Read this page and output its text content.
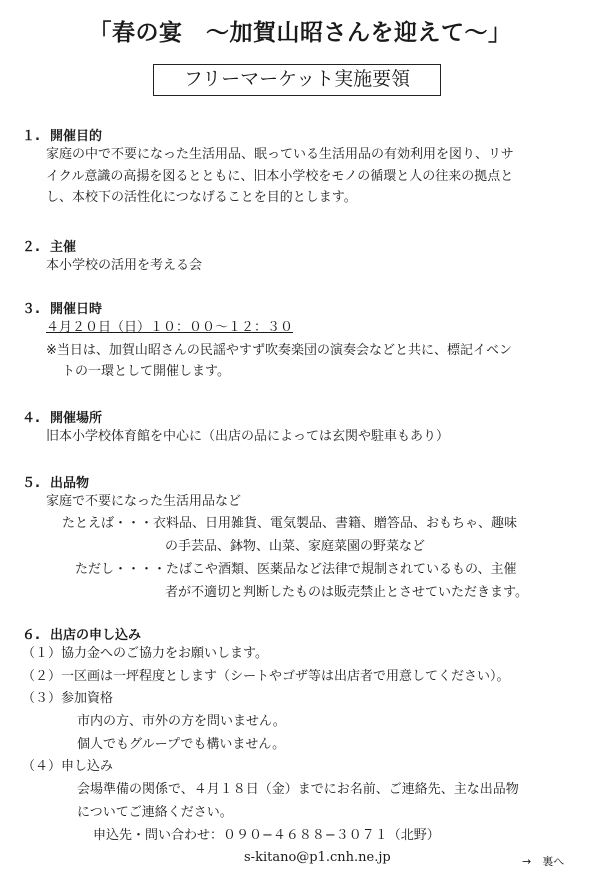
「春の宴　〜加賀山昭さんを迎えて〜」
フリーマーケット実施要領
１. 開催目的
家庭の中で不要になった生活用品、眠っている生活用品の有効利用を図り、リサ
イクル意識の高揚を図るとともに、旧本小学校をモノの循環と人の往来の拠点と
し、本校下の活性化につなげることを目的とします。
２. 主催
本小学校の活用を考える会
３. 開催日時
４月２０日（日）１０：００〜１２：３０
※当日は、加賀山昭さんの民謡やすず吹奏楽団の演奏会などと共に、標記イベン
トの一環として開催します。
４. 開催場所
旧本小学校体育館を中心に（出店の品によっては玄関や駐車もあり）
５. 出品物
家庭で不要になった生活用品など
たとえば・・・衣料品、日用雑貨、電気製品、書籍、贈答品、おもちゃ、趣味
の手芸品、鉢物、山菜、家庭菜園の野菜など
ただし・・・・たばこや酒類、医薬品など法律で規制されているもの、主催
者が不適切と判断したものは販売禁止とさせていただきます。
６. 出店の申し込み
（１）協力金へのご協力をお願いします。
（２）一区画は一坪程度とします（シートやゴザ等は出店者で用意してください）。
（３）参加資格
市内の方、市外の方を問いません。
個人でもグループでも構いません。
（４）申し込み
会場準備の関係で、４月１８日（金）までにお名前、ご連絡先、主な出品物
についてご連絡ください。
申込先・問い合わせ：０９０−４６８８−３０７１（北野）
s-kitano@p1.cnh.ne.jp	→　裏へ
